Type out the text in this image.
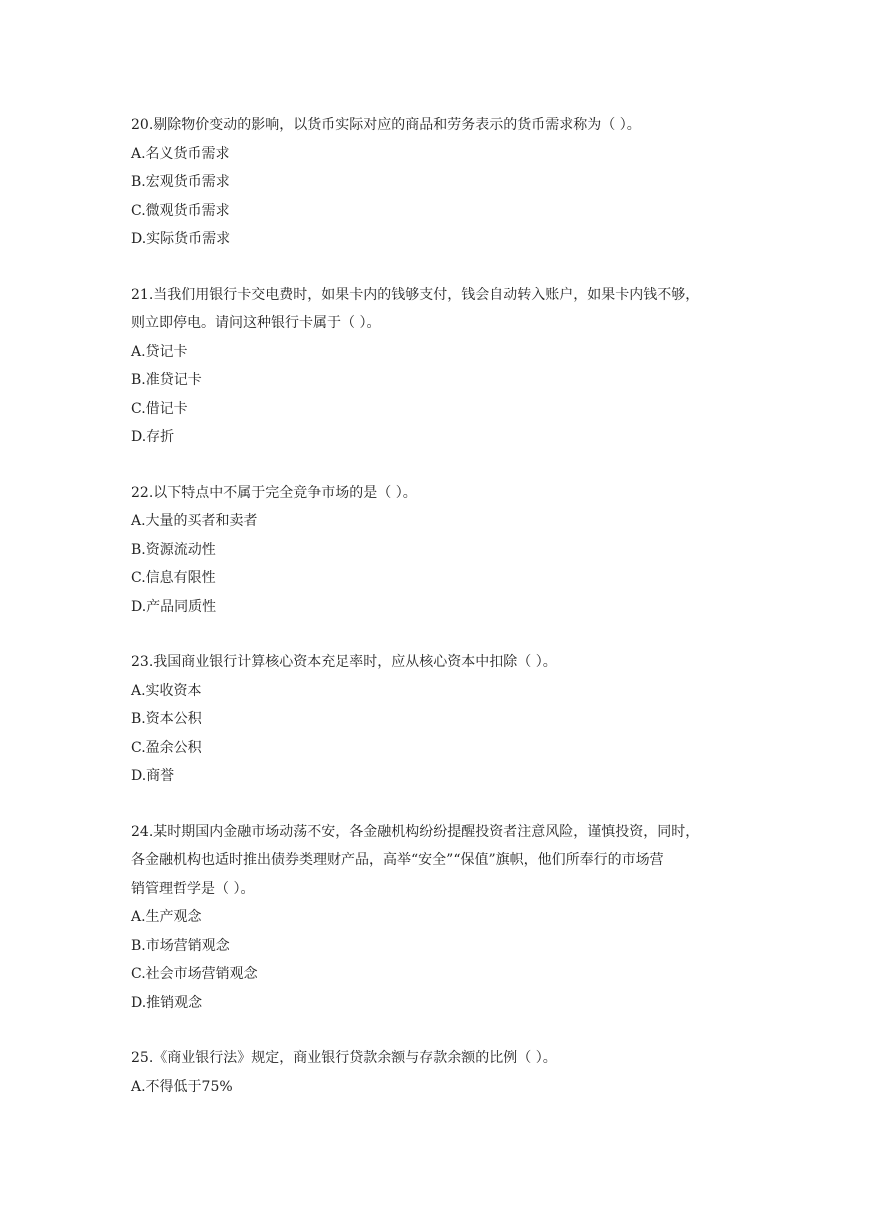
20.剔除物价变动的影响，以货币实际对应的商品和劳务表示的货币需求称为（ ）。

A.名义货币需求

B.宏观货币需求

C.微观货币需求

D.实际货币需求

21.当我们用银行卡交电费时，如果卡内的钱够支付，钱会自动转入账户，如果卡内钱不够，

则立即停电。请问这种银行卡属于（ ）。

A.贷记卡

B.准贷记卡

C.借记卡

D.存折

22.以下特点中不属于完全竞争市场的是（ ）。

A.大量的买者和卖者

B.资源流动性

C.信息有限性

D.产品同质性

23.我国商业银行计算核心资本充足率时，应从核心资本中扣除（ ）。

A.实收资本

B.资本公积

C.盈余公积

D.商誉

24.某时期国内金融市场动荡不安，各金融机构纷纷提醒投资者注意风险，谨慎投资，同时，

各金融机构也适时推出债券类理财产品，高举“安全”“保值”旗帜，他们所奉行的市场营

销管理哲学是（ ）。

A.生产观念

B.市场营销观念

C.社会市场营销观念

D.推销观念

25.《商业银行法》规定，商业银行贷款余额与存款余额的比例（ ）。

A.不得低于75%
